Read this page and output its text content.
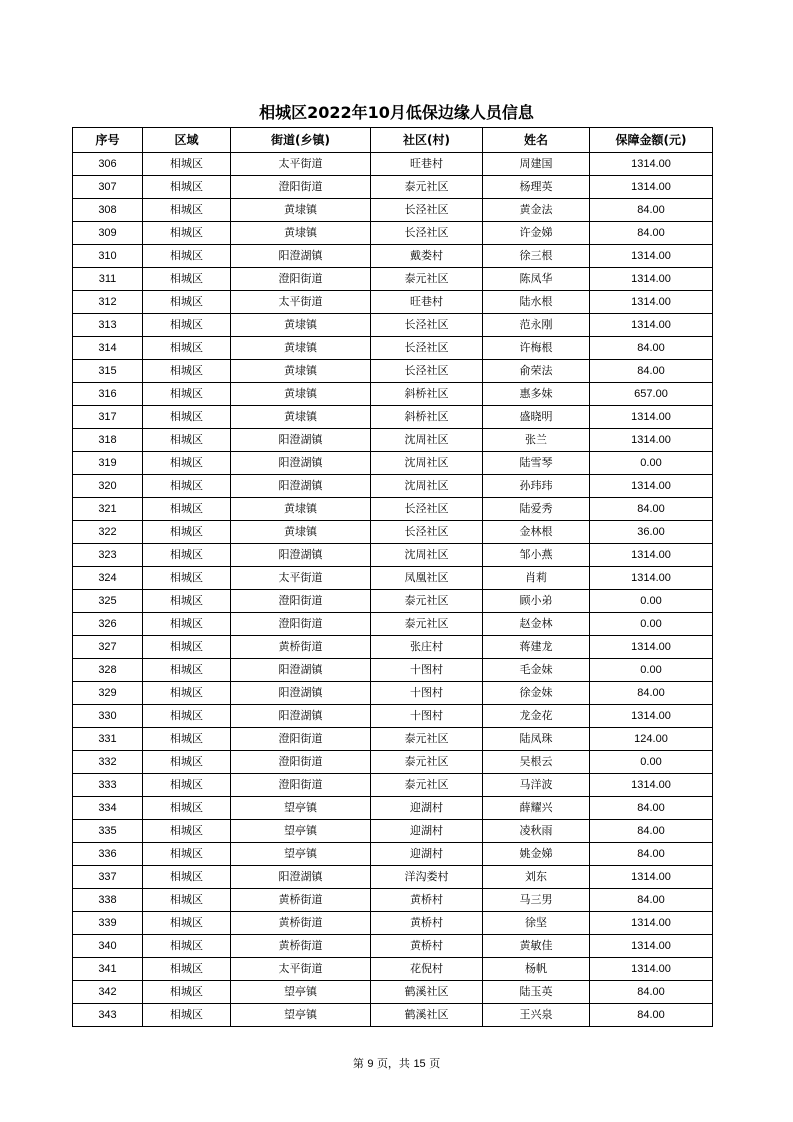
相城区2022年10月低保边缘人员信息
序号	区域	街道(乡镇)	社区(村)	姓名	保障金额(元)
306	相城区	太平街道	旺巷村	周建国	1314.00
307	相城区	澄阳街道	泰元社区	杨理英	1314.00
308	相城区	黄埭镇	长泾社区	黄金法	84.00
309	相城区	黄埭镇	长泾社区	许金娣	84.00
310	相城区	阳澄湖镇	戴娄村	徐三根	1314.00
311	相城区	澄阳街道	泰元社区	陈凤华	1314.00
312	相城区	太平街道	旺巷村	陆水根	1314.00
313	相城区	黄埭镇	长泾社区	范永刚	1314.00
314	相城区	黄埭镇	长泾社区	许梅根	84.00
315	相城区	黄埭镇	长泾社区	俞荣法	84.00
316	相城区	黄埭镇	斜桥社区	惠多妹	657.00
317	相城区	黄埭镇	斜桥社区	盛晓明	1314.00
318	相城区	阳澄湖镇	沈周社区	张兰	1314.00
319	相城区	阳澄湖镇	沈周社区	陆雪琴	0.00
320	相城区	阳澄湖镇	沈周社区	孙玮玮	1314.00
321	相城区	黄埭镇	长泾社区	陆爱秀	84.00
322	相城区	黄埭镇	长泾社区	金林根	36.00
323	相城区	阳澄湖镇	沈周社区	邹小燕	1314.00
324	相城区	太平街道	凤凰社区	肖莉	1314.00
325	相城区	澄阳街道	泰元社区	顾小弟	0.00
326	相城区	澄阳街道	泰元社区	赵金林	0.00
327	相城区	黄桥街道	张庄村	蒋建龙	1314.00
328	相城区	阳澄湖镇	十图村	毛金妹	0.00
329	相城区	阳澄湖镇	十图村	徐金妹	84.00
330	相城区	阳澄湖镇	十图村	龙金花	1314.00
331	相城区	澄阳街道	泰元社区	陆凤珠	124.00
332	相城区	澄阳街道	泰元社区	吴根云	0.00
333	相城区	澄阳街道	泰元社区	马洋波	1314.00
334	相城区	望亭镇	迎湖村	薛耀兴	84.00
335	相城区	望亭镇	迎湖村	凌秋雨	84.00
336	相城区	望亭镇	迎湖村	姚金娣	84.00
337	相城区	阳澄湖镇	洋沟娄村	刘东	1314.00
338	相城区	黄桥街道	黄桥村	马三男	84.00
339	相城区	黄桥街道	黄桥村	徐坚	1314.00
340	相城区	黄桥街道	黄桥村	黄敏佳	1314.00
341	相城区	太平街道	花倪村	杨帆	1314.00
342	相城区	望亭镇	鹤溪社区	陆玉英	84.00
343	相城区	望亭镇	鹤溪社区	王兴泉	84.00
第 9 页，共 15 页
